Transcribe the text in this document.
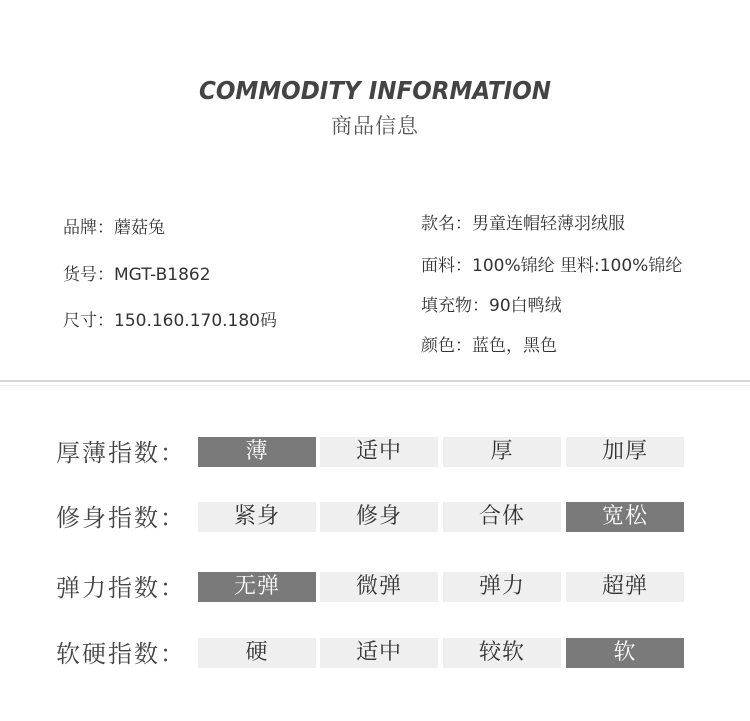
COMMODITY INFORMATION
商品信息
品牌：蘑菇兔
货号：MGT-B1862
尺寸：150.160.170.180码
款名：男童连帽轻薄羽绒服
面料：100%锦纶 里料:100%锦纶
填充物：90白鸭绒
颜色：蓝色，黑色
厚薄指数：	薄	适中	厚	加厚
修身指数：	紧身	修身	合体	宽松
弹力指数：	无弹	微弹	弹力	超弹
软硬指数：	硬	适中	较软	软
